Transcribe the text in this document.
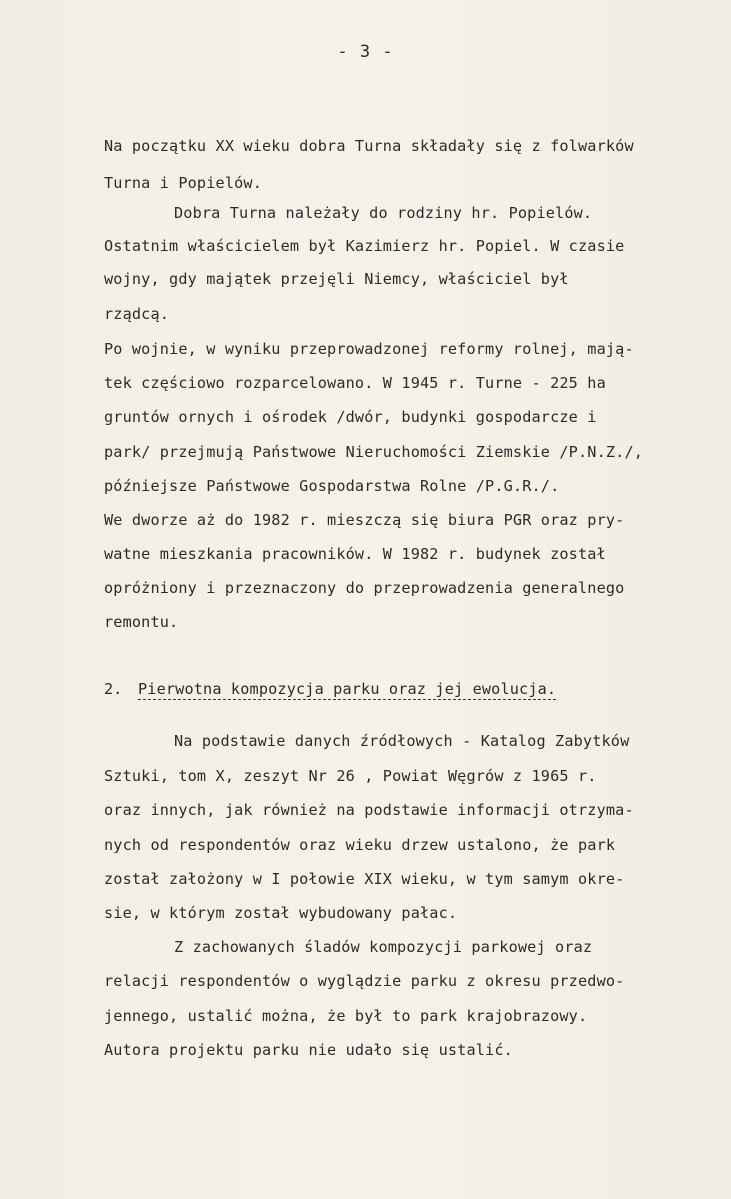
- 3 -
Na początku XX wieku dobra Turna składały się z folwarków
Turna i Popielów.
Dobra Turna należały do rodziny hr. Popielów.
Ostatnim właścicielem był Kazimierz hr. Popiel. W czasie
wojny, gdy majątek przejęli Niemcy, właściciel był
rządcą.
Po wojnie, w wyniku przeprowadzonej reformy rolnej, mają-
tek częściowo rozparcelowano. W 1945 r. Turne - 225 ha
gruntów ornych i ośrodek /dwór, budynki gospodarcze i
park/ przejmują Państwowe Nieruchomości Ziemskie /P.N.Z./,
późniejsze Państwowe Gospodarstwa Rolne /P.G.R./.
We dworze aż do 1982 r. mieszczą się biura PGR oraz pry-
watne mieszkania pracowników. W 1982 r. budynek został
opróżniony i przeznaczony do przeprowadzenia generalnego
remontu.
2. Pierwotna kompozycja parku oraz jej ewolucja.
Na podstawie danych źródłowych - Katalog Zabytków
Sztuki, tom X, zeszyt Nr 26 , Powiat Węgrów z 1965 r.
oraz innych, jak również na podstawie informacji otrzyma-
nych od respondentów oraz wieku drzew ustalono, że park
został założony w I połowie XIX wieku, w tym samym okre-
sie, w którym został wybudowany pałac.
Z zachowanych śladów kompozycji parkowej oraz
relacji respondentów o wyglądzie parku z okresu przedwo-
jennego, ustalić można, że był to park krajobrazowy.
Autora projektu parku nie udało się ustalić.
